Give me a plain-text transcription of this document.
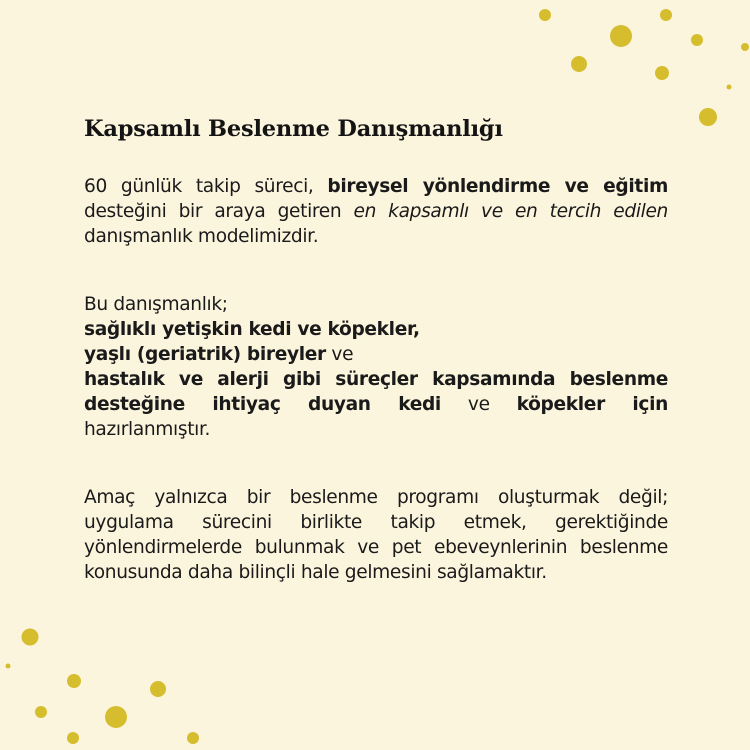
Kapsamlı Beslenme Danışmanlığı

60 günlük takip süreci, bireysel yönlendirme ve eğitim desteğini bir araya getiren en kapsamlı ve en tercih edilen danışmanlık modelimizdir.

Bu danışmanlık;
sağlıklı yetişkin kedi ve köpekler,
yaşlı (geriatrik) bireyler ve
hastalık ve alerji gibi süreçler kapsamında beslenme
desteğine ihtiyaç duyan kedi ve köpekler için
hazırlanmıştır.

Amaç yalnızca bir beslenme programı oluşturmak değil; uygulama sürecini birlikte takip etmek, gerektiğinde yönlendirmelerde bulunmak ve pet ebeveynlerinin beslenme konusunda daha bilinçli hale gelmesini sağlamaktır.
